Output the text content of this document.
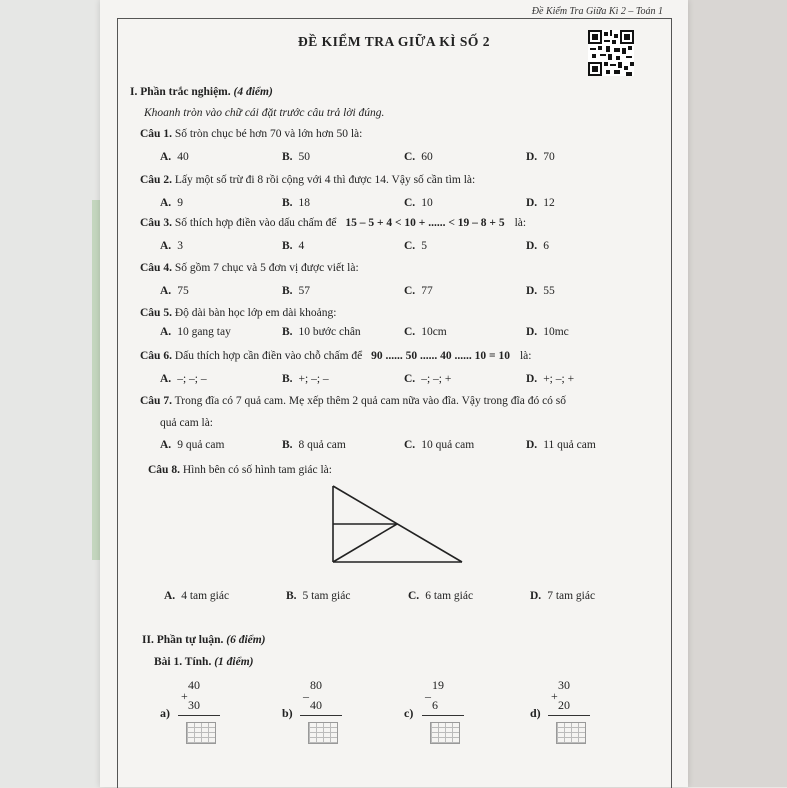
Đề Kiểm Tra Giữa Kì 2 – Toán 1
ĐỀ KIỂM TRA GIỮA KÌ SỐ 2
I. Phần trắc nghiệm. (4 điểm)
Khoanh tròn vào chữ cái đặt trước câu trả lời đúng.
II. Phần tự luận. (6 điểm)
Bài 1. Tính. (1 điểm)
Câu 1. Số tròn chục bé hơn 70 và lớn hơn 50 là:
A. 40	B. 50	C. 60	D. 70
Câu 2. Lấy một số trừ đi 8 rồi cộng với 4 thì được 14. Vậy số cần tìm là:
A. 9	B. 18	C. 10	D. 12
Câu 3. Số thích hợp điền vào dấu chấm để 15 – 5 + 4 < 10 + ...... < 19 – 8 + 5 là:
A. 3	B. 4	C. 5	D. 6
Câu 4. Số gồm 7 chục và 5 đơn vị được viết là:
A. 75	B. 57	C. 77	D. 55
Câu 5. Độ dài bàn học lớp em dài khoảng:
A. 10 gang tay	B. 10 bước chân	C. 10cm	D. 10mc
Câu 6. Dấu thích hợp cần điền vào chỗ chấm để 90 ...... 50 ...... 40 ...... 10 = 10 là:
A. –; –; –	B. +; –; –	C. –; –; +	D. +; –; +
Câu 7. Trong đĩa có 7 quả cam. Mẹ xếp thêm 2 quả cam nữa vào đĩa. Vậy trong đĩa đó có số
quả cam là:
A. 9 quả cam	B. 8 quả cam	C. 10 quả cam	D. 11 quả cam
Câu 8. Hình bên có số hình tam giác là:
A. 4 tam giác	B. 5 tam giác	C. 6 tam giác	D. 7 tam giác
a)
40
+
30
b)
80
–
40
c)
19
–
6
d)
30
+
20
